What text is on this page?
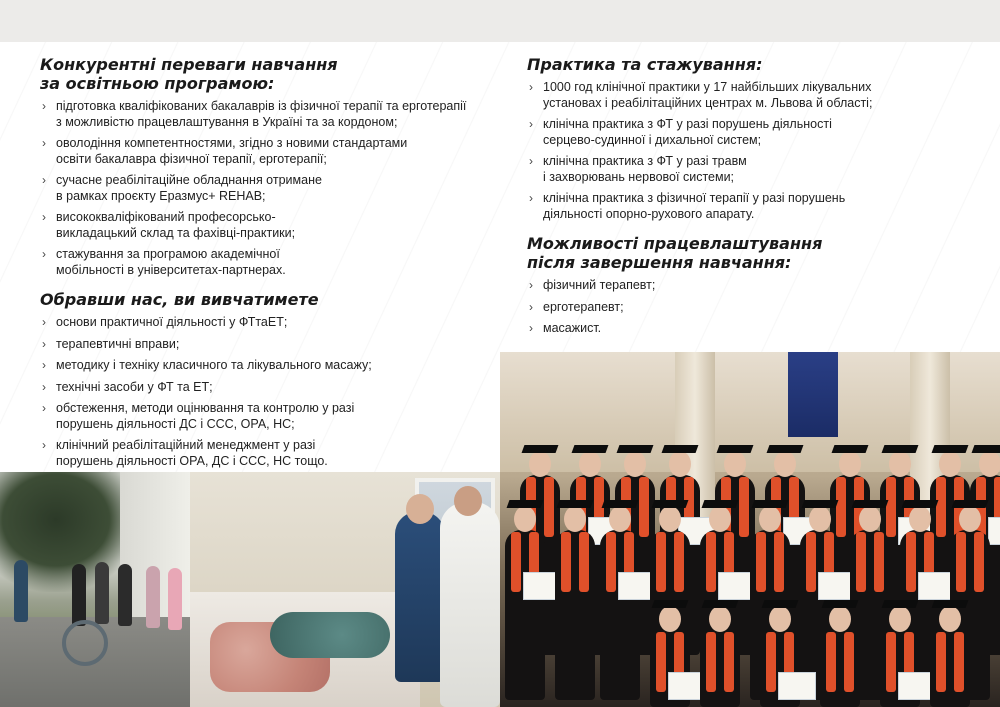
Конкурентні переваги навчання
за освітньою програмою:
› підготовка кваліфікованих бакалаврів із фізичної терапії та ерготерапії
з можливістю працевлаштування в Україні та за кордоном;
› оволодіння компетентностями, згідно з новими стандартами
освіти бакалавра фізичної терапії, ерготерапії;
› сучасне реабілітаційне обладнання отримане
в рамках проєкту Еразмус+ REHAB;
› висококваліфікований професорсько-
викладацький склад та фахівці-практики;
› стажування за програмою академічної
мобільності в університетах-партнерах.
Обравши нас, ви вивчатимете
› основи практичної діяльності у ФТтаЕТ;
› терапевтичні вправи;
› методику і техніку класичного та лікувального масажу;
› технічні засоби у ФТ та ЕТ;
› обстеження, методи оцінювання та контролю у разі
порушень діяльності ДС і ССС, ОРА, НС;
› клінічний реабілітаційний менеджмент у разі
порушень діяльності ОРА, ДС і ССС, НС тощо.
Практика та стажування:
› 1000 год клінічної практики у 17 найбільших лікувальних
установах і реабілітаційних центрах м. Львова й області;
› клінічна практика з ФТ у разі порушень діяльності
серцево-судинної і дихальної систем;
› клінічна практика з ФТ у разі травм
і захворювань нервової системи;
› клінічна практика з фізичної терапії у разі порушень
діяльності опорно-рухового апарату.
Можливості працевлаштування
після завершення навчання:
› фізичний терапевт;
› ерготерапевт;
› масажист.
